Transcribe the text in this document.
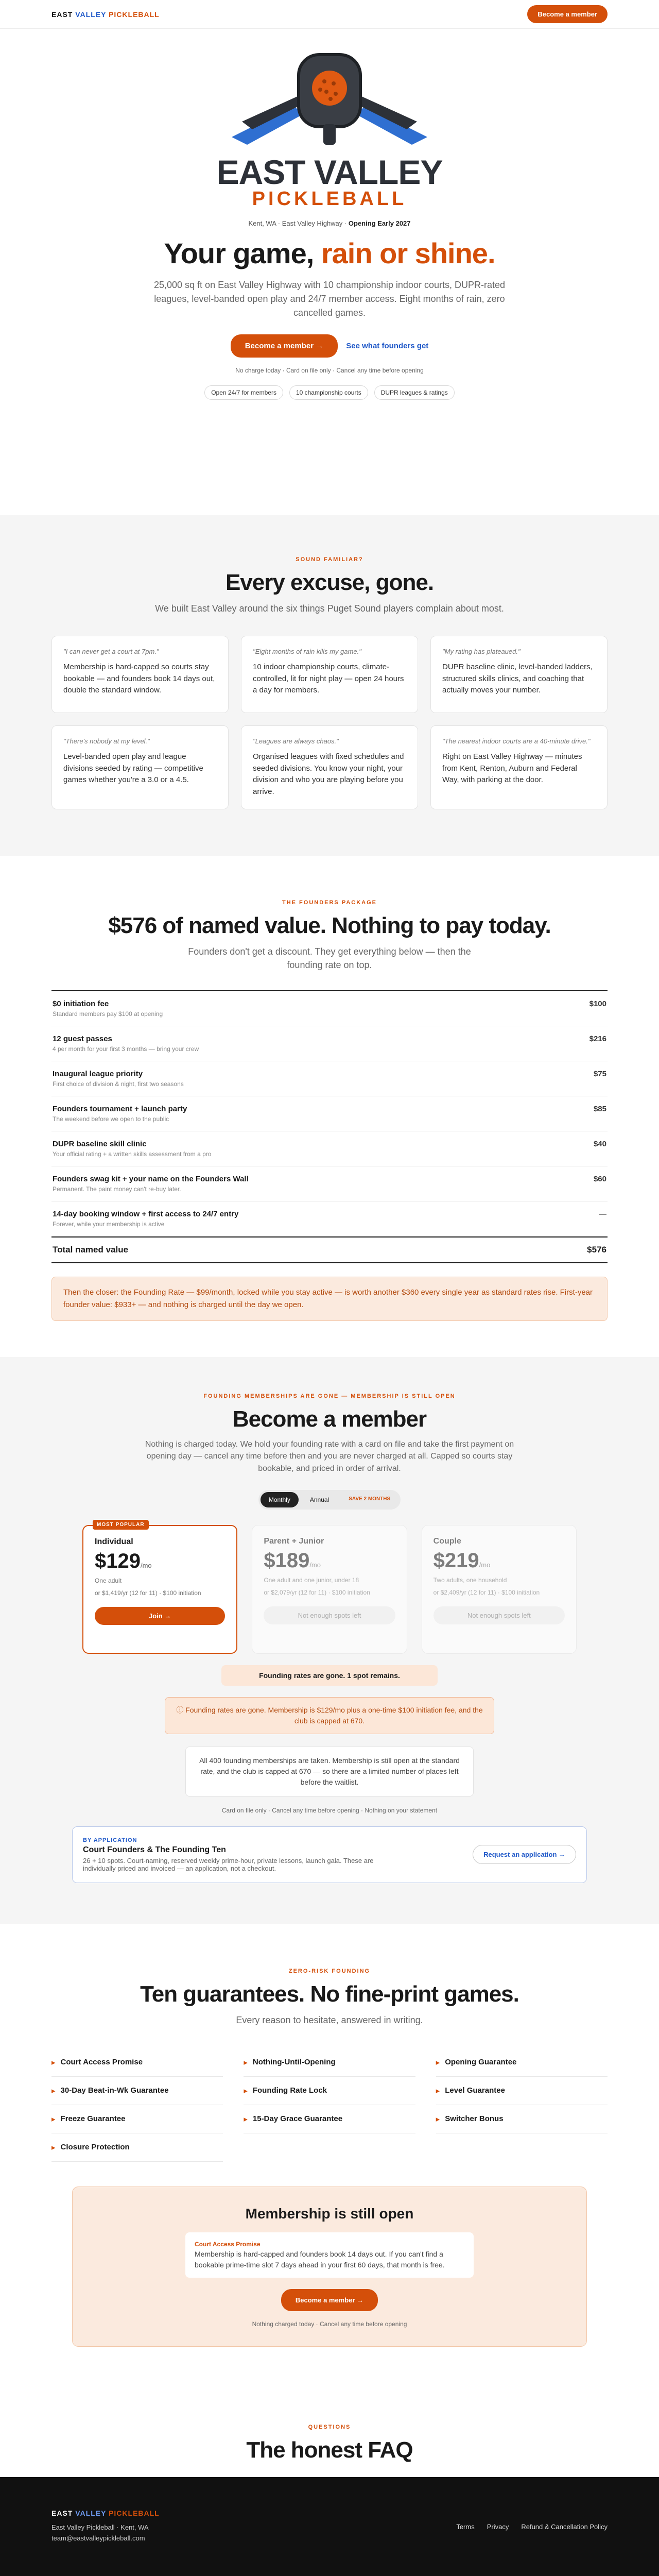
EAST VALLEY PICKLEBALL	Become a member
EAST VALLEY
PICKLEBALL
Kent, WA · East Valley Highway · Opening Early 2027
Your game, rain or shine.

25,000 sq ft on East Valley Highway with 10 championship indoor courts, DUPR-rated leagues, level-banded open play and 24/7 member access. Eight months of rain, zero cancelled games.

Become a member →	See what founders get
No charge today · Card on file only · Cancel any time before opening
Open 24/7 for members	10 championship courts	DUPR leagues & ratings
SOUND FAMILIAR?
Every excuse, gone.

We built East Valley around the six things Puget Sound players complain about most.

"I can never get a court at 7pm."
Membership is hard-capped so courts stay bookable — and founders book 14 days out, double the standard window.
"Eight months of rain kills my game."
10 indoor championship courts, climate-controlled, lit for night play — open 24 hours a day for members.
"My rating has plateaued."
DUPR baseline clinic, level-banded ladders, structured skills clinics, and coaching that actually moves your number.
"There's nobody at my level."
Level-banded open play and league divisions seeded by rating — competitive games whether you're a 3.0 or a 4.5.
"Leagues are always chaos."
Organised leagues with fixed schedules and seeded divisions. You know your night, your division and who you are playing before you arrive.
"The nearest indoor courts are a 40-minute drive."
Right on East Valley Highway — minutes from Kent, Renton, Auburn and Federal Way, with parking at the door.
THE FOUNDERS PACKAGE
$576 of named value. Nothing to pay today.

Founders don't get a discount. They get everything below — then the founding rate on top.

$0 initiation fee
Standard members pay $100 at opening
$100
12 guest passes
4 per month for your first 3 months — bring your crew
$216
Inaugural league priority
First choice of division & night, first two seasons
$75
Founders tournament + launch party
The weekend before we open to the public
$85
DUPR baseline skill clinic
Your official rating + a written skills assessment from a pro
$40
Founders swag kit + your name on the Founders Wall
Permanent. The paint money can't re-buy later.
$60
14-day booking window + first access to 24/7 entry
Forever, while your membership is active
—
Total named value	$576
Then the closer: the Founding Rate — $99/month, locked while you stay active — is worth another $360 every single year as standard rates rise. First-year founder value: $933+ — and nothing is charged until the day we open.
FOUNDING MEMBERSHIPS ARE GONE — MEMBERSHIP IS STILL OPEN
Become a member

Nothing is charged today. We hold your founding rate with a card on file and take the first payment on opening day — cancel any time before then and you are never charged at all. Capped so courts stay bookable, and priced in order of arrival.

Monthly	Annual	SAVE 2 MONTHS
MOST POPULAR
Individual
$129/mo
One adult
or $1,419/yr (12 for 11) · $100 initiation
Join →
Parent + Junior
$189/mo
One adult and one junior, under 18
or $2,079/yr (12 for 11) · $100 initiation
Not enough spots left
Couple
$219/mo
Two adults, one household
or $2,409/yr (12 for 11) · $100 initiation
Not enough spots left
Founding rates are gone. 1 spot remains.
ⓘ Founding rates are gone. Membership is $129/mo plus a one-time $100 initiation fee, and the club is capped at 670.
All 400 founding memberships are taken. Membership is still open at the standard rate, and the club is capped at 670 — so there are a limited number of places left before the waitlist.
Card on file only · Cancel any time before opening · Nothing on your statement
BY APPLICATION
Court Founders & The Founding Ten
26 + 10 spots. Court-naming, reserved weekly prime-hour, private lessons, launch gala. These are individually priced and invoiced — an application, not a checkout.
Request an application →
ZERO-RISK FOUNDING
Ten guarantees. No fine-print games.

Every reason to hesitate, answered in writing.

▸ Court Access Promise	▸ Nothing-Until-Opening	▸ Opening Guarantee
▸ 30-Day Beat-in-Wk Guarantee	▸ Founding Rate Lock	▸ Level Guarantee
▸ Freeze Guarantee	▸ 15-Day Grace Guarantee	▸ Switcher Bonus
▸ Closure Protection
Membership is still open
Court Access Promise
Membership is hard-capped and founders book 14 days out. If you can't find a bookable prime-time slot 7 days ahead in your first 60 days, that month is free.
Become a member →
Nothing charged today · Cancel any time before opening
QUESTIONS
The honest FAQ
+
+
+

EAST VALLEY PICKLEBALL
East Valley Pickleball · Kent, WA
team@eastvalleypickleball.com
Terms Privacy Refund & Cancellation Policy
